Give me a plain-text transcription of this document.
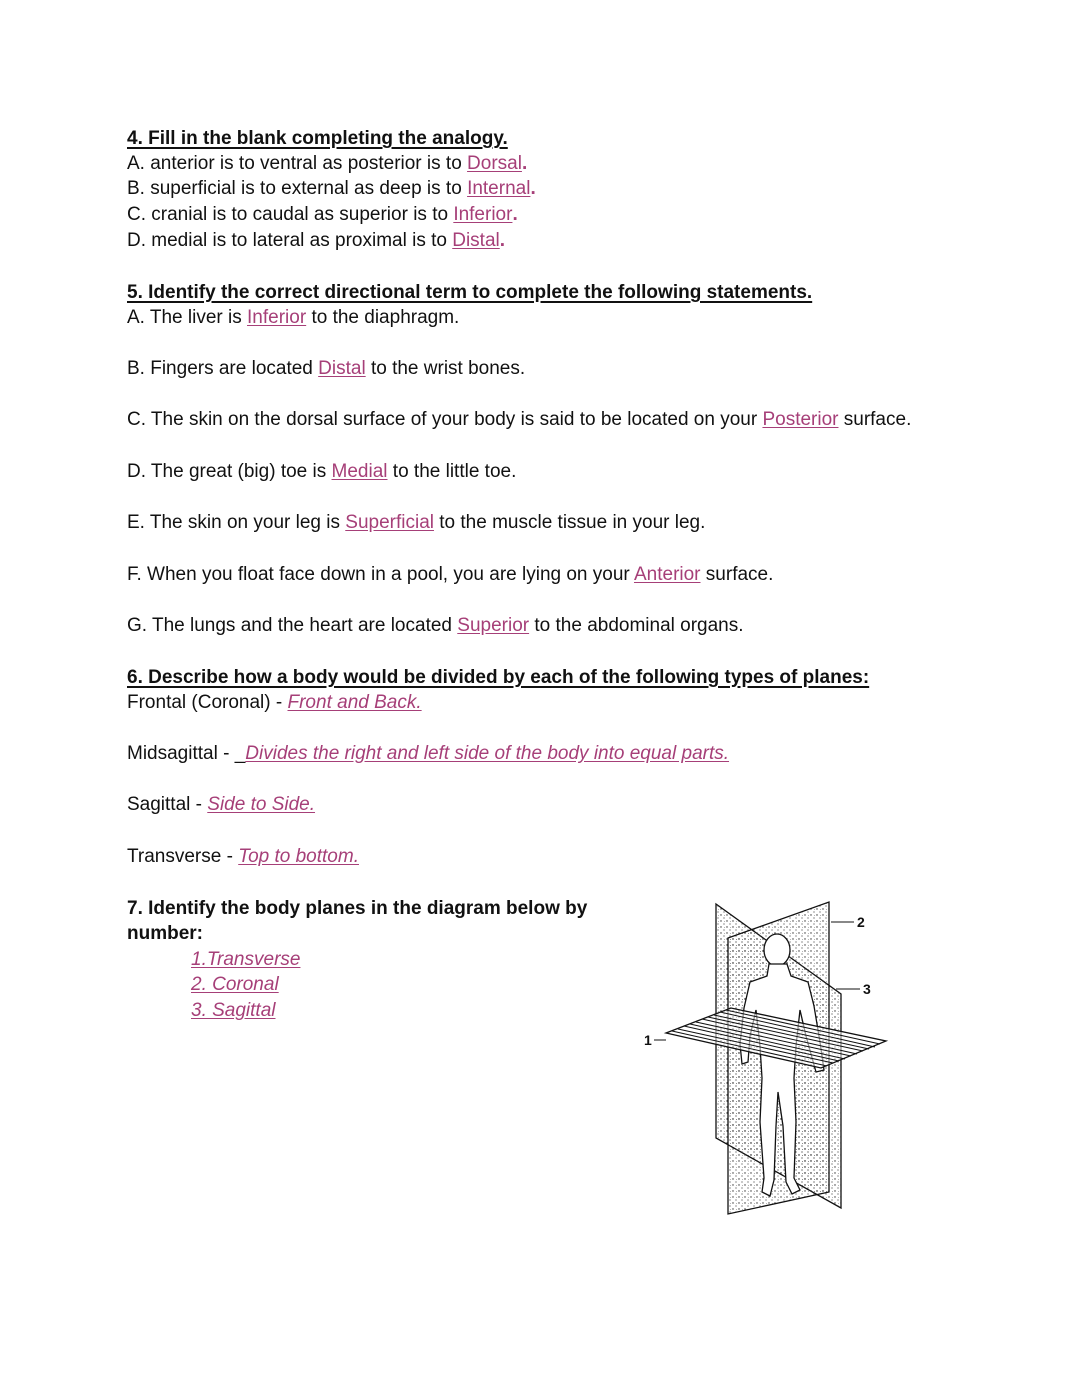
4. Fill in the blank completing the analogy.
A. anterior is to ventral as posterior is to Dorsal.
B. superficial is to external as deep is to Internal.
C. cranial is to caudal as superior is to Inferior.
D. medial is to lateral as proximal is to Distal.
5. Identify the correct directional term to complete the following statements.
A. The liver is Inferior to the diaphragm.
B. Fingers are located Distal to the wrist bones.
C. The skin on the dorsal surface of your body is said to be located on your Posterior surface.
D. The great (big) toe is Medial to the little toe.
E. The skin on your leg is Superficial to the muscle tissue in your leg.
F. When you float face down in a pool, you are lying on your Anterior surface.
G. The lungs and the heart are located Superior to the abdominal organs.
6. Describe how a body would be divided by each of the following types of planes:
Frontal (Coronal) - Front and Back.
Midsagittal - _Divides the right and left side of the body into equal parts.
Sagittal - Side to Side.
Transverse - Top to bottom.
7. Identify the body planes in the diagram below by
number:
1.Transverse
2. Coronal
3. Sagittal
1
2
3
